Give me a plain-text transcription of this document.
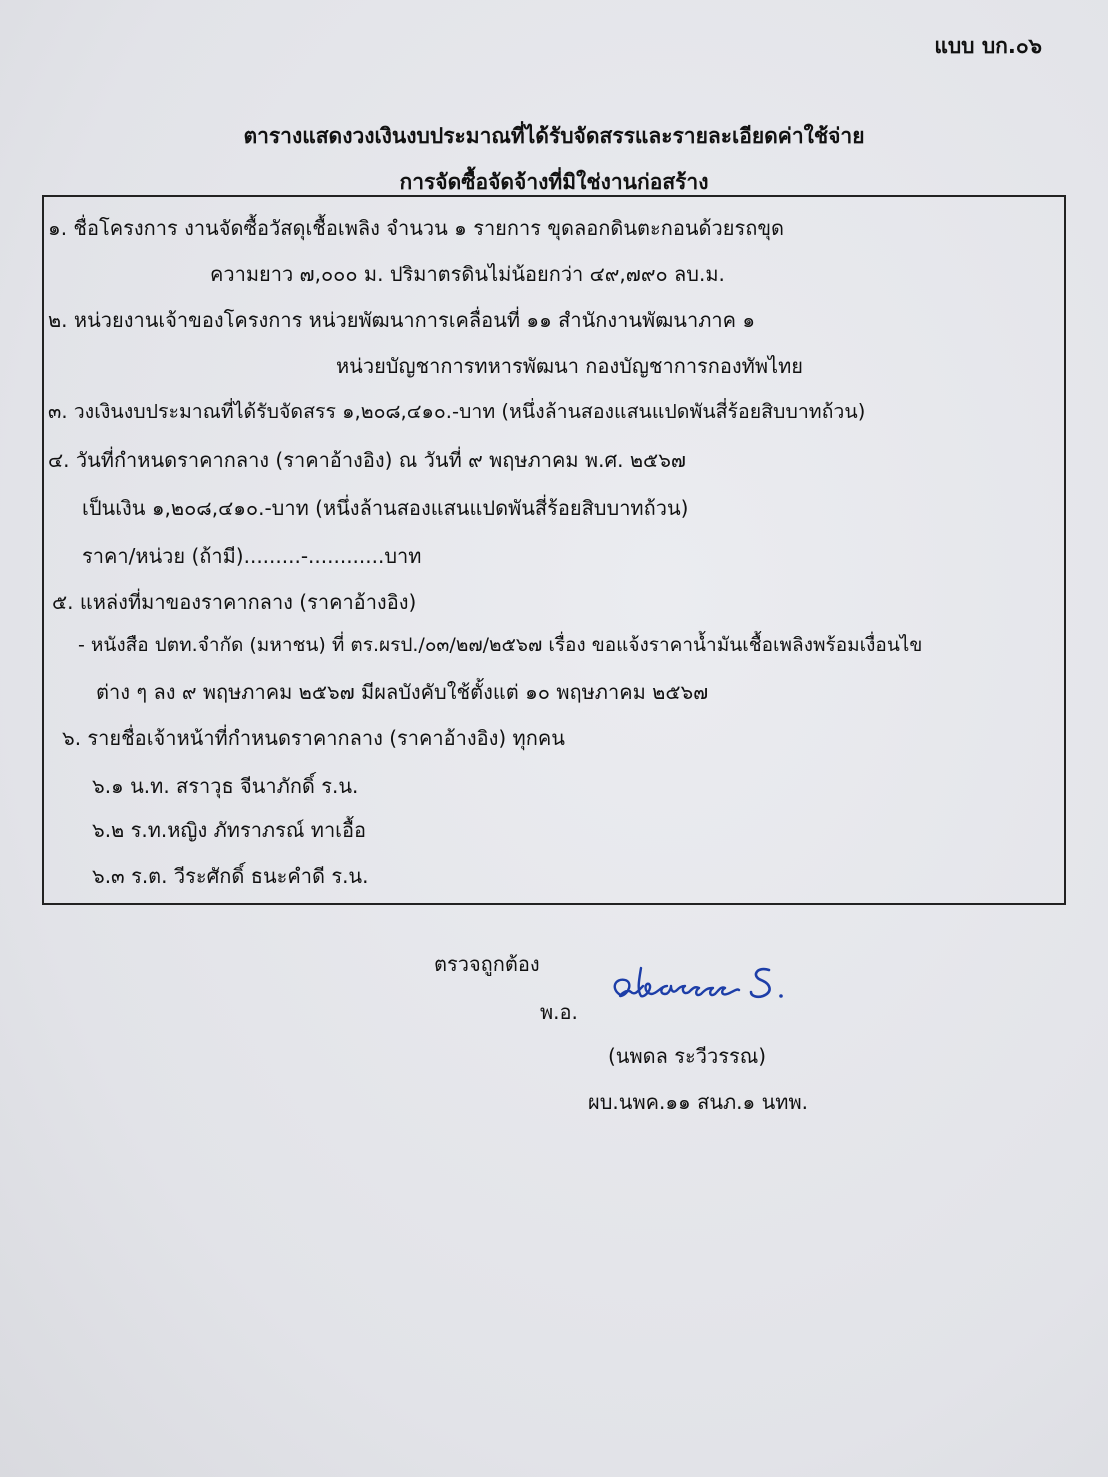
แบบ บก.๐๖
ตารางแสดงวงเงินงบประมาณที่ได้รับจัดสรรและรายละเอียดค่าใช้จ่าย
การจัดซื้อจัดจ้างที่มิใช่งานก่อสร้าง
๑. ชื่อโครงการ งานจัดซื้อวัสดุเชื้อเพลิง จำนวน ๑ รายการ ขุดลอกดินตะกอนด้วยรถขุด
ความยาว ๗,๐๐๐ ม. ปริมาตรดินไม่น้อยกว่า ๔๙,๗๙๐ ลบ.ม.
๒. หน่วยงานเจ้าของโครงการ หน่วยพัฒนาการเคลื่อนที่ ๑๑ สำนักงานพัฒนาภาค ๑
หน่วยบัญชาการทหารพัฒนา กองบัญชาการกองทัพไทย
๓. วงเงินงบประมาณที่ได้รับจัดสรร ๑,๒๐๘,๔๑๐.-บาท (หนึ่งล้านสองแสนแปดพันสี่ร้อยสิบบาทถ้วน)
๔. วันที่กำหนดราคากลาง (ราคาอ้างอิง) ณ วันที่ ๙ พฤษภาคม พ.ศ. ๒๕๖๗
เป็นเงิน ๑,๒๐๘,๔๑๐.-บาท (หนึ่งล้านสองแสนแปดพันสี่ร้อยสิบบาทถ้วน)
ราคา/หน่วย (ถ้ามี).........-............บาท
๕. แหล่งที่มาของราคากลาง (ราคาอ้างอิง)
- หนังสือ ปตท.จำกัด (มหาชน) ที่ ตร.ผรป./๐๓/๒๗/๒๕๖๗ เรื่อง ขอแจ้งราคาน้ำมันเชื้อเพลิงพร้อมเงื่อนไข
ต่าง ๆ ลง ๙ พฤษภาคม ๒๕๖๗ มีผลบังคับใช้ตั้งแต่ ๑๐ พฤษภาคม ๒๕๖๗
๖. รายชื่อเจ้าหน้าที่กำหนดราคากลาง (ราคาอ้างอิง) ทุกคน
๖.๑ น.ท. สราวุธ จีนาภักดิ์ ร.น.
๖.๒ ร.ท.หญิง ภัทราภรณ์ ทาเอื้อ
๖.๓ ร.ต. วีระศักดิ์ ธนะคำดี ร.น.
ตรวจถูกต้อง
พ.อ.
(นพดล ระวีวรรณ)
ผบ.นพค.๑๑ สนภ.๑ นทพ.
